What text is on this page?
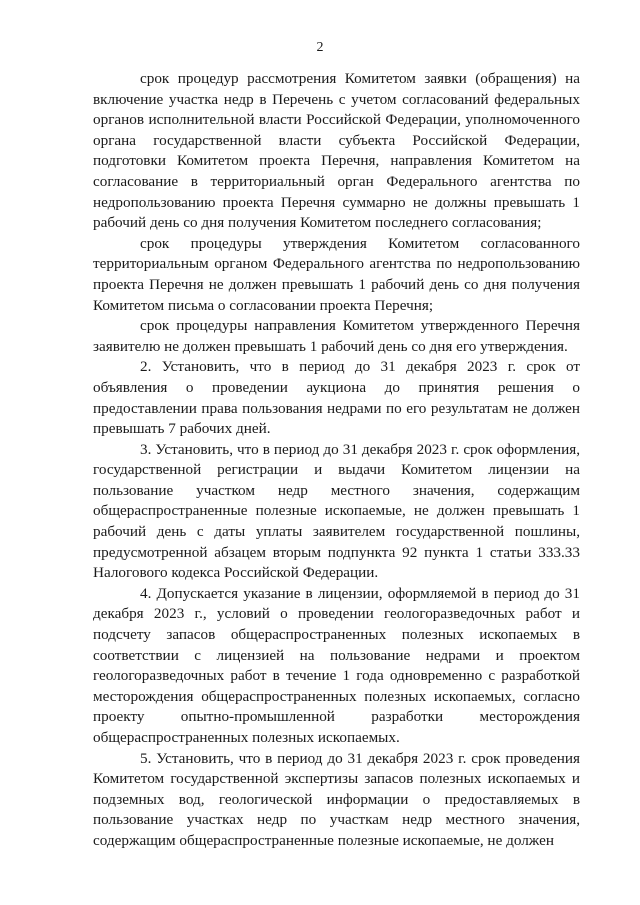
2

срок процедур рассмотрения Комитетом заявки (обращения) на включение участка недр в Перечень с учетом согласований федеральных органов исполнительной власти Российской Федерации, уполномоченного органа государственной власти субъекта Российской Федерации, подготовки Комитетом проекта Перечня, направления Комитетом на согласование в территориальный орган Федерального агентства по недропользованию проекта Перечня суммарно не должны превышать 1 рабочий день со дня получения Комитетом последнего согласования;

срок процедуры утверждения Комитетом согласованного территориальным органом Федерального агентства по недропользованию проекта Перечня не должен превышать 1 рабочий день со дня получения Комитетом письма о согласовании проекта Перечня;

срок процедуры направления Комитетом утвержденного Перечня заявителю не должен превышать 1 рабочий день со дня его утверждения.

2. Установить, что в период до 31 декабря 2023 г. срок от объявления о проведении аукциона до принятия решения о предоставлении права пользования недрами по его результатам не должен превышать 7 рабочих дней.

3. Установить, что в период до 31 декабря 2023 г. срок оформления, государственной регистрации и выдачи Комитетом лицензии на пользование участком недр местного значения, содержащим общераспространенные полезные ископаемые, не должен превышать 1 рабочий день с даты уплаты заявителем государственной пошлины, предусмотренной абзацем вторым подпункта 92 пункта 1 статьи 333.33 Налогового кодекса Российской Федерации.

4. Допускается указание в лицензии, оформляемой в период до 31 декабря 2023 г., условий о проведении геологоразведочных работ и подсчету запасов общераспространенных полезных ископаемых в соответствии с лицензией на пользование недрами и проектом геологоразведочных работ в течение 1 года одновременно с разработкой месторождения общераспространенных полезных ископаемых, согласно проекту опытно-промышленной разработки месторождения общераспространенных полезных ископаемых.

5. Установить, что в период до 31 декабря 2023 г. срок проведения Комитетом государственной экспертизы запасов полезных ископаемых и подземных вод, геологической информации о предоставляемых в пользование участках недр по участкам недр местного значения, содержащим общераспространенные полезные ископаемые, не должен
